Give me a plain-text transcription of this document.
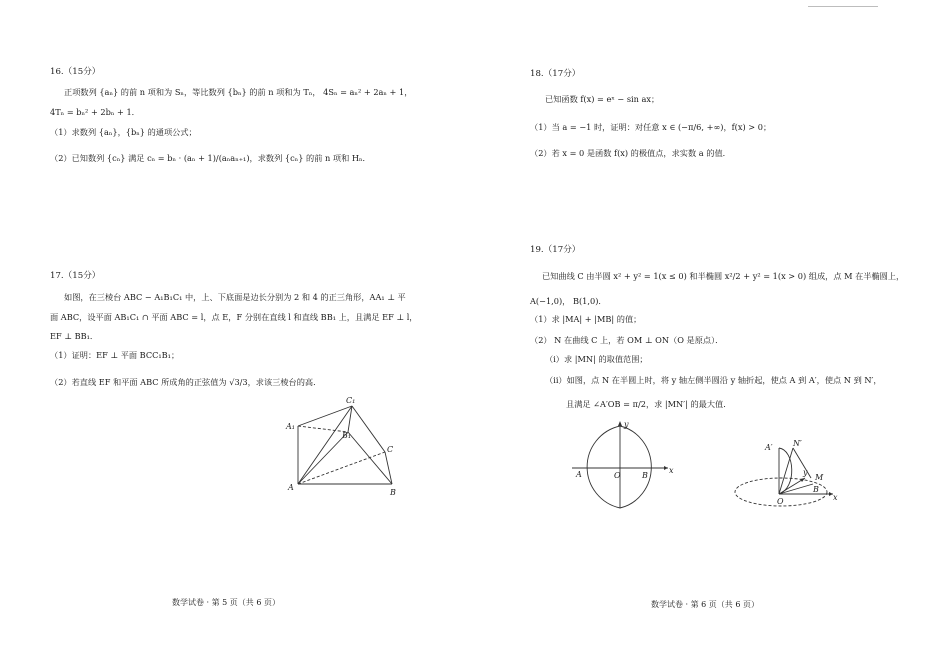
16.（15分）
正项数列 {aₙ} 的前 n 项和为 Sₙ，等比数列 {bₙ} 的前 n 项和为 Tₙ， 4Sₙ = aₙ² + 2aₙ + 1，
4Tₙ = bₙ² + 2bₙ + 1．
（1）求数列 {aₙ}，{bₙ} 的通项公式；
（2）已知数列 {cₙ} 满足 cₙ = bₙ · (aₙ + 1)/(aₙaₙ₊₁)，求数列 {cₙ} 的前 n 项和 Hₙ．
17.（15分）
如图，在三棱台 ABC − A₁B₁C₁ 中，上、下底面是边长分别为 2 和 4 的正三角形，AA₁ ⊥ 平
面 ABC，设平面 AB₁C₁ ∩ 平面 ABC = l，点 E，F 分别在直线 l 和直线 BB₁ 上，且满足 EF ⊥ l，
EF ⊥ BB₁．
（1）证明：EF ⊥ 平面 BCC₁B₁；
（2）若直线 EF 和平面 ABC 所成角的正弦值为 √3/3，求该三棱台的高．
A₁
C₁
B₁
C
A
B
数学试卷 · 第 5 页（共 6 页）
18.（17分）
已知函数 f(x) = eˣ − sin ax；
（1）当 a = −1 时，证明：对任意 x ∈ (−π/6, +∞)，f(x) > 0；
（2）若 x = 0 是函数 f(x) 的极值点，求实数 a 的值．
19.（17分）
已知曲线 C 由半圆 x² + y² = 1(x ≤ 0) 和半椭圆 x²/2 + y² = 1(x > 0) 组成，点 M 在半椭圆上，
A(−1,0)， B(1,0)．
（1）求 |MA| + |MB| 的值；
（2） N 在曲线 C 上，若 OM ⊥ ON（O 是原点）．
（ⅰ）求 |MN| 的取值范围；
（ⅱ）如图，点 N 在半圆上时，将 y 轴左侧半圆沿 y 轴折起，使点 A 到 A′，使点 N 到 N′，
且满足 ∠A′OB = π/2，求 |MN′| 的最大值．
y
A	O	B
x
A′	N′
y
M
O
B
x
数学试卷 · 第 6 页（共 6 页）
